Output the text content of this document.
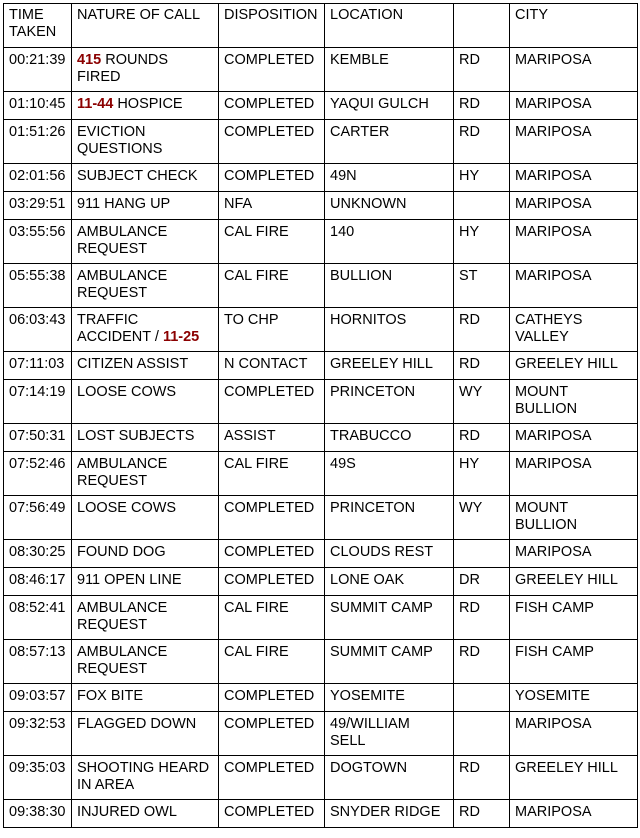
TIME TAKEN	NATURE OF CALL	DISPOSITION	LOCATION		CITY
00:21:39	415 ROUNDS FIRED	COMPLETED	KEMBLE	RD	MARIPOSA
01:10:45	11-44 HOSPICE	COMPLETED	YAQUI GULCH	RD	MARIPOSA
01:51:26	EVICTION QUESTIONS	COMPLETED	CARTER	RD	MARIPOSA
02:01:56	SUBJECT CHECK	COMPLETED	49N	HY	MARIPOSA
03:29:51	911 HANG UP	NFA	UNKNOWN		MARIPOSA
03:55:56	AMBULANCE REQUEST	CAL FIRE	140	HY	MARIPOSA
05:55:38	AMBULANCE REQUEST	CAL FIRE	BULLION	ST	MARIPOSA
06:03:43	TRAFFIC ACCIDENT / 11-25	TO CHP	HORNITOS	RD	CATHEYS VALLEY
07:11:03	CITIZEN ASSIST	N CONTACT	GREELEY HILL	RD	GREELEY HILL
07:14:19	LOOSE COWS	COMPLETED	PRINCETON	WY	MOUNT BULLION
07:50:31	LOST SUBJECTS	ASSIST	TRABUCCO	RD	MARIPOSA
07:52:46	AMBULANCE REQUEST	CAL FIRE	49S	HY	MARIPOSA
07:56:49	LOOSE COWS	COMPLETED	PRINCETON	WY	MOUNT BULLION
08:30:25	FOUND DOG	COMPLETED	CLOUDS REST		MARIPOSA
08:46:17	911 OPEN LINE	COMPLETED	LONE OAK	DR	GREELEY HILL
08:52:41	AMBULANCE REQUEST	CAL FIRE	SUMMIT CAMP	RD	FISH CAMP
08:57:13	AMBULANCE REQUEST	CAL FIRE	SUMMIT CAMP	RD	FISH CAMP
09:03:57	FOX BITE	COMPLETED	YOSEMITE		YOSEMITE
09:32:53	FLAGGED DOWN	COMPLETED	49/WILLIAM SELL		MARIPOSA
09:35:03	SHOOTING HEARD IN AREA	COMPLETED	DOGTOWN	RD	GREELEY HILL
09:38:30	INJURED OWL	COMPLETED	SNYDER RIDGE	RD	MARIPOSA
